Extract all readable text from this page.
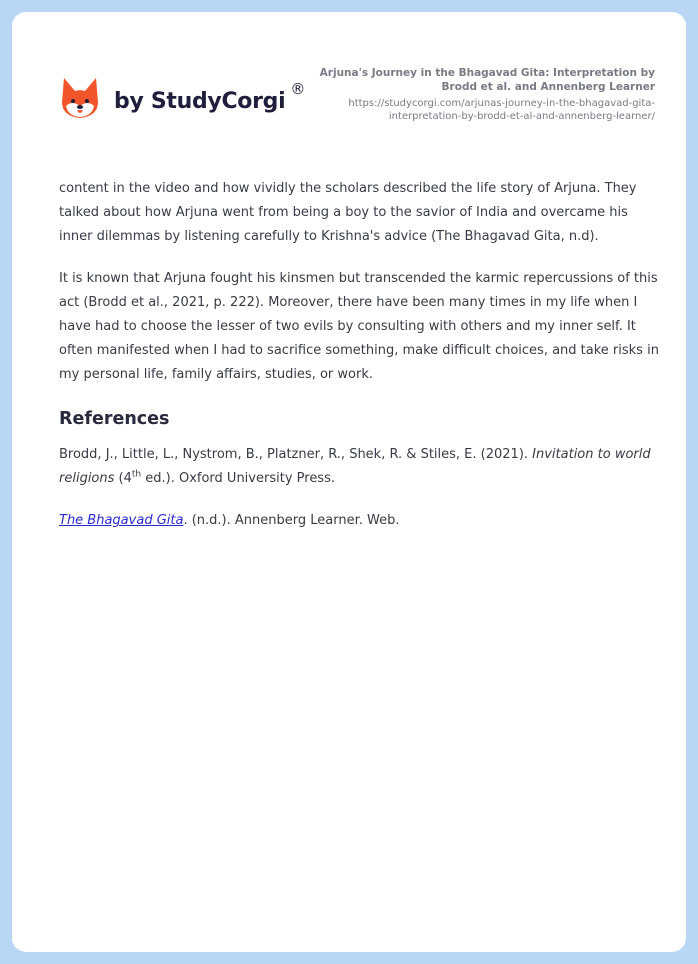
by StudyCorgi ®
Arjuna's Journey in the Bhagavad Gita: Interpretation by Brodd et al. and Annenberg Learner
https://studycorgi.com/arjunas-journey-in-the-bhagavad-gita-interpretation-by-brodd-et-al-and-annenberg-learner/

content in the video and how vividly the scholars described the life story of Arjuna. They talked about how Arjuna went from being a boy to the savior of India and overcame his inner dilemmas by listening carefully to Krishna's advice (The Bhagavad Gita, n.d).

It is known that Arjuna fought his kinsmen but transcended the karmic repercussions of this act (Brodd et al., 2021, p. 222). Moreover, there have been many times in my life when I have had to choose the lesser of two evils by consulting with others and my inner self. It often manifested when I had to sacrifice something, make difficult choices, and take risks in my personal life, family affairs, studies, or work.

References
Brodd, J., Little, L., Nystrom, B., Platzner, R., Shek, R. & Stiles, E. (2021). Invitation to world religions (4th ed.). Oxford University Press.
The Bhagavad Gita. (n.d.). Annenberg Learner. Web.
